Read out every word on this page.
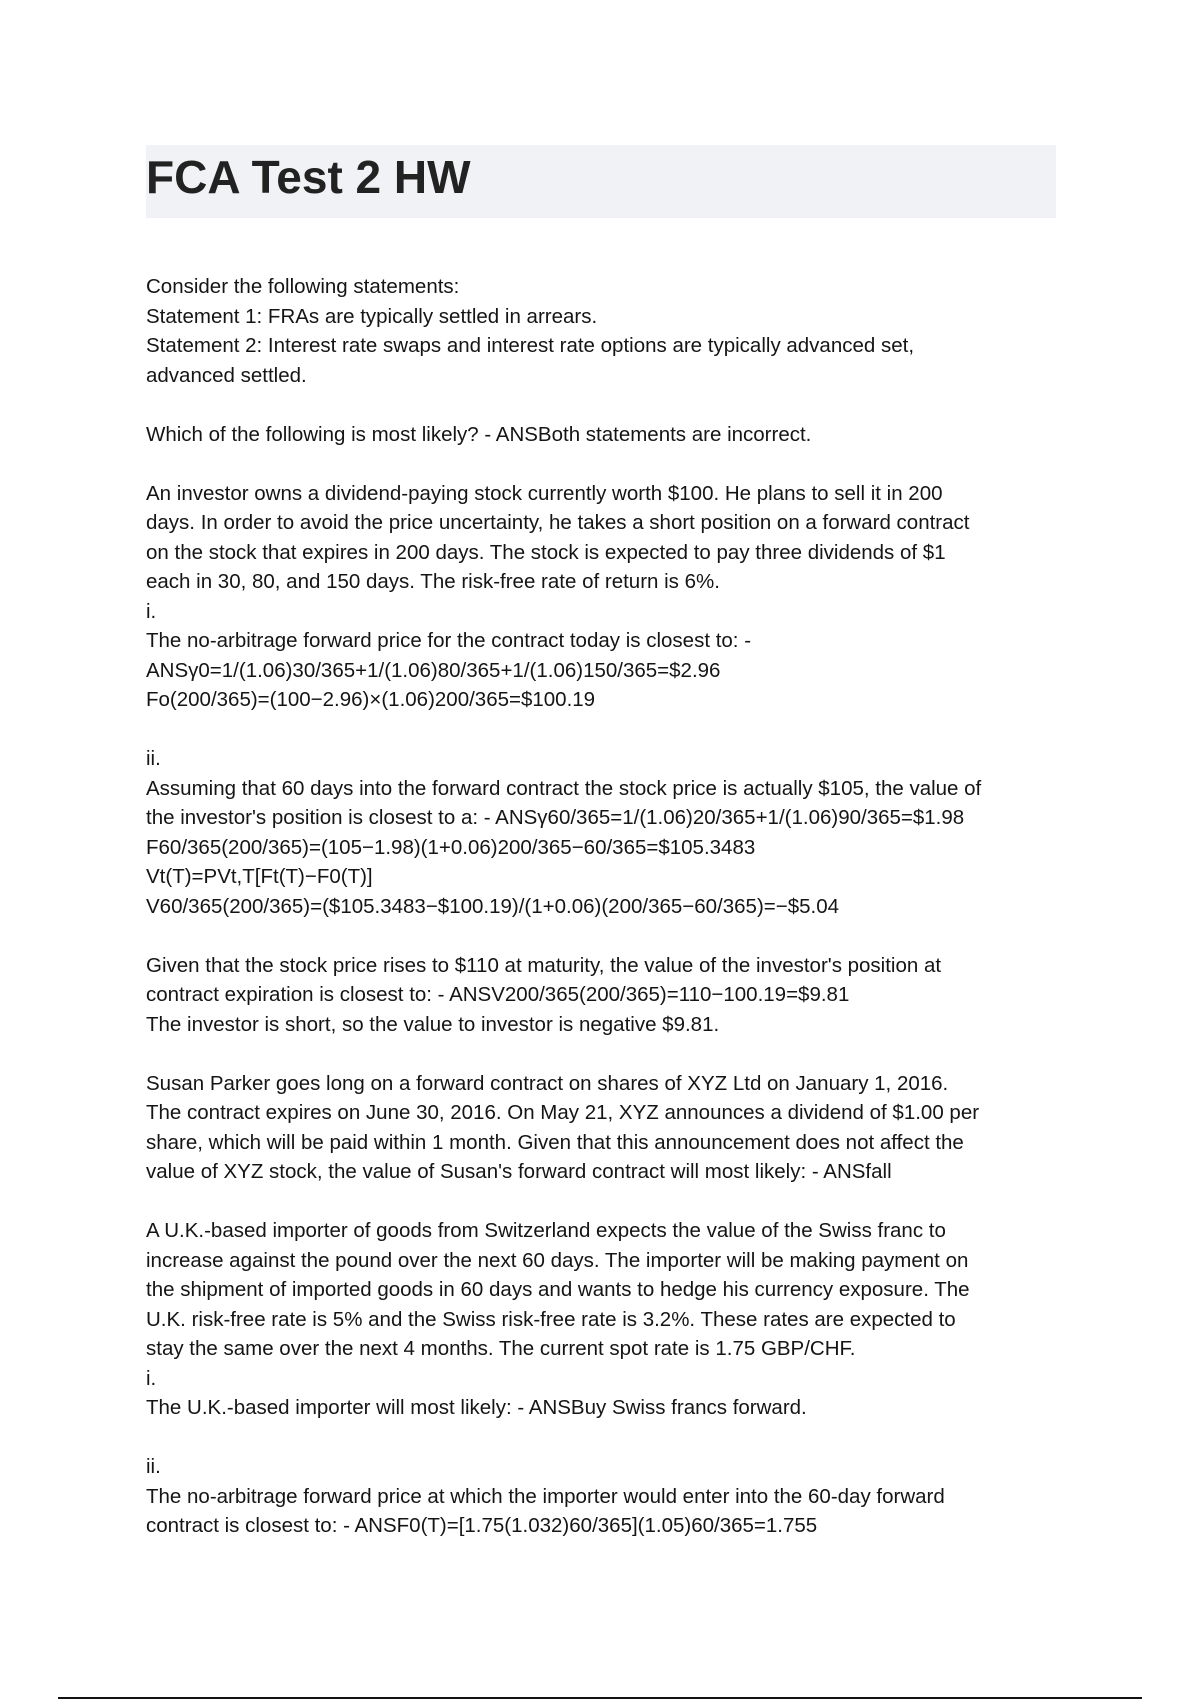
FCA Test 2 HW
Consider the following statements:
Statement 1: FRAs are typically settled in arrears.
Statement 2: Interest rate swaps and interest rate options are typically advanced set,
advanced settled.
Which of the following is most likely? - ANSBoth statements are incorrect.
An investor owns a dividend-paying stock currently worth $100. He plans to sell it in 200
days. In order to avoid the price uncertainty, he takes a short position on a forward contract
on the stock that expires in 200 days. The stock is expected to pay three dividends of $1
each in 30, 80, and 150 days. The risk-free rate of return is 6%.
i.
The no-arbitrage forward price for the contract today is closest to: -
ANSγ0=1/(1.06)30/365+1/(1.06)80/365+1/(1.06)150/365=$2.96
Fo(200/365)=(100−2.96)×(1.06)200/365=$100.19
ii.
Assuming that 60 days into the forward contract the stock price is actually $105, the value of
the investor's position is closest to a: - ANSγ60/365=1/(1.06)20/365+1/(1.06)90/365=$1.98
F60/365(200/365)=(105−1.98)(1+0.06)200/365−60/365=$105.3483
Vt(T)=PVt,T[Ft(T)−F0(T)]
V60/365(200/365)=($105.3483−$100.19)/(1+0.06)(200/365−60/365)=−$5.04
Given that the stock price rises to $110 at maturity, the value of the investor's position at
contract expiration is closest to: - ANSV200/365(200/365)=110−100.19=$9.81
The investor is short, so the value to investor is negative $9.81.
Susan Parker goes long on a forward contract on shares of XYZ Ltd on January 1, 2016.
The contract expires on June 30, 2016. On May 21, XYZ announces a dividend of $1.00 per
share, which will be paid within 1 month. Given that this announcement does not affect the
value of XYZ stock, the value of Susan's forward contract will most likely: - ANSfall
A U.K.-based importer of goods from Switzerland expects the value of the Swiss franc to
increase against the pound over the next 60 days. The importer will be making payment on
the shipment of imported goods in 60 days and wants to hedge his currency exposure. The
U.K. risk-free rate is 5% and the Swiss risk-free rate is 3.2%. These rates are expected to
stay the same over the next 4 months. The current spot rate is 1.75 GBP/CHF.
i.
The U.K.-based importer will most likely: - ANSBuy Swiss francs forward.
ii.
The no-arbitrage forward price at which the importer would enter into the 60-day forward
contract is closest to: - ANSF0(T)=[1.75(1.032)60/365](1.05)60/365=1.755
